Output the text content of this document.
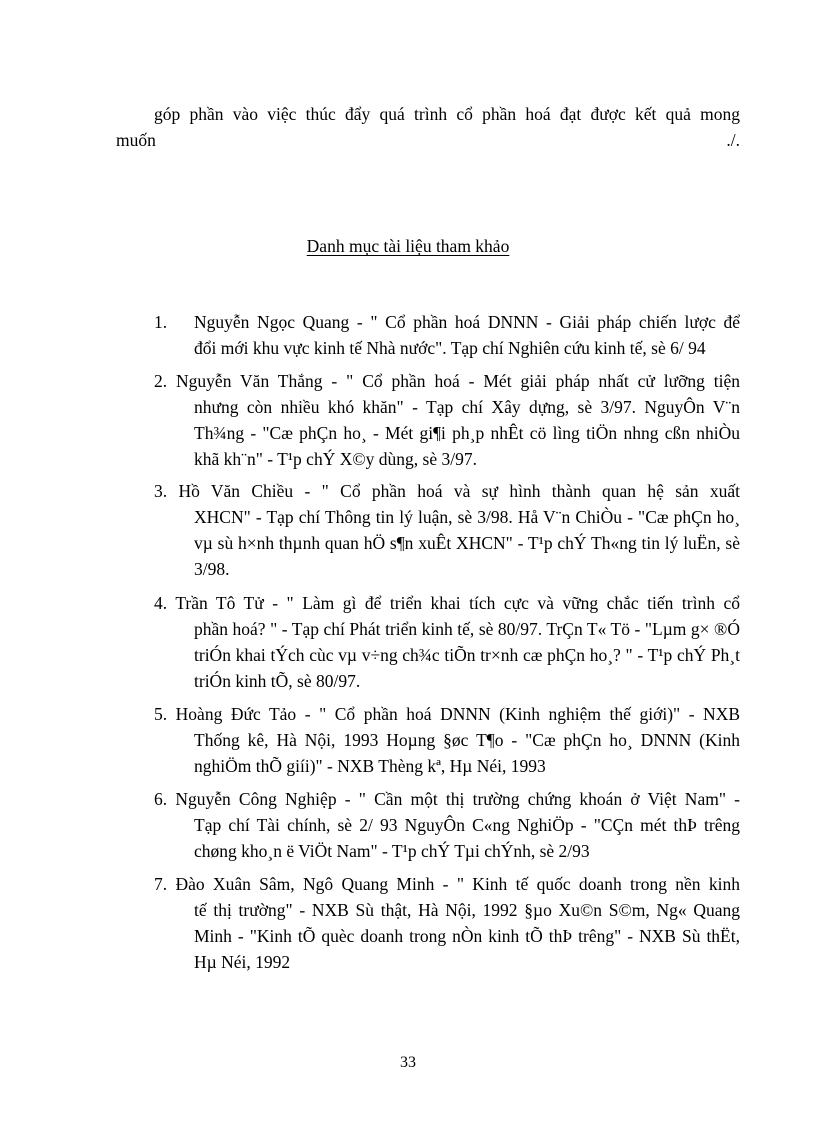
góp phần vào việc thúc đẩy quá trình cổ phần hoá đạt được kết quả mong
muốn	./.
Danh mục tài liệu tham khảo
1. Nguyễn Ngọc Quang - " Cổ phần hoá DNNN - Giải pháp chiến lược để
đổi mới khu vực kinh tế Nhà nước". Tạp chí Nghiên cứu kinh tế, sè 6/ 94
2. Nguyễn Văn Thắng - " Cổ phần hoá - Mét giải pháp nhất cử lưỡng tiện
nhưng còn nhiều khó khăn" - Tạp chí Xây dựng, sè 3/97. NguyÔn V¨n Th¾ng - "Cæ phÇn ho¸ - Mét gi¶i ph¸p nhÊt cö lìng tiÖn nhng cßn nhiÒu khã kh¨n" - T¹p chÝ X©y dùng, sè 3/97.
3. Hồ Văn Chiều - " Cổ phần hoá và sự hình thành quan hệ sản xuất
XHCN" - Tạp chí Thông tin lý luận, sè 3/98. Hå V¨n ChiÒu - "Cæ phÇn ho¸ vµ sù h×nh thµnh quan hÖ s¶n xuÊt XHCN" - T¹p chÝ Th«ng tin lý luËn, sè 3/98.
4. Trần Tô Tử - " Làm gì để triển khai tích cực và vững chắc tiến trình cổ
phần hoá? " - Tạp chí Phát triển kinh tế, sè 80/97. TrÇn T« Tö - "Lµm g× ®Ó triÓn khai tÝch cùc vµ v÷ng ch¾c tiÕn tr×nh cæ phÇn ho¸? " - T¹p chÝ Ph¸t triÓn kinh tÕ, sè 80/97.
5. Hoàng Đức Tảo - " Cổ phần hoá DNNN (Kinh nghiệm thế giới)" - NXB
Thống kê, Hà Nội, 1993 Hoµng §øc T¶o - "Cæ phÇn ho¸ DNNN (Kinh nghiÖm thÕ giíi)" - NXB Thèng kª, Hµ Néi, 1993
6. Nguyễn Công Nghiệp - " Cần một thị trường chứng khoán ở Việt Nam" -
Tạp chí Tài chính, sè 2/ 93 NguyÔn C«ng NghiÖp - "CÇn mét thÞ trêng chøng kho¸n ë ViÖt Nam" - T¹p chÝ Tµi chÝnh, sè 2/93
7. Đào Xuân Sâm, Ngô Quang Minh - " Kinh tế quốc doanh trong nền kinh
tế thị trường" - NXB Sù thật, Hà Nội, 1992 §µo Xu©n S©m, Ng« Quang Minh - "Kinh tÕ quèc doanh trong nÒn kinh tÕ thÞ trêng" - NXB Sù thËt, Hµ Néi, 1992
33
